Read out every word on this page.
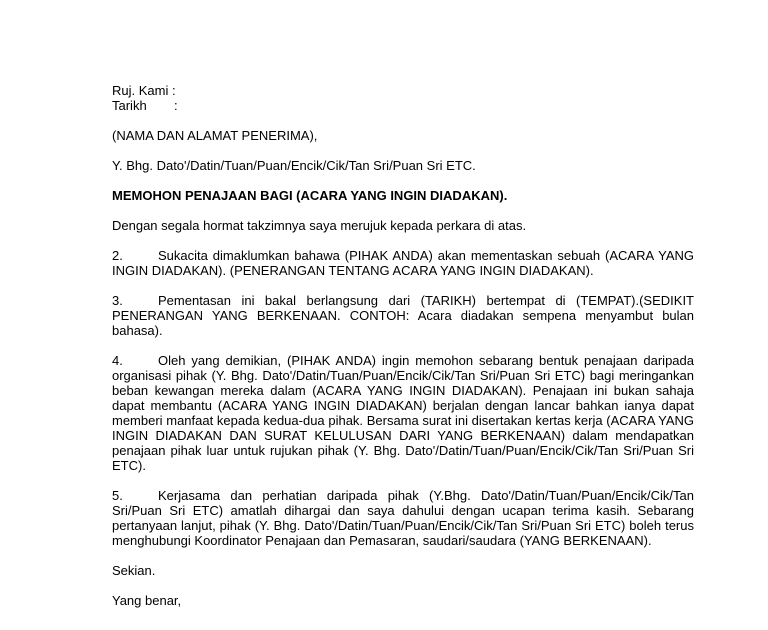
Ruj. Kami :
Tarikh	:
(NAMA DAN ALAMAT PENERIMA),
Y. Bhg. Dato'/Datin/Tuan/Puan/Encik/Cik/Tan Sri/Puan Sri ETC.
MEMOHON PENAJAAN BAGI (ACARA YANG INGIN DIADAKAN).
Dengan segala hormat takzimnya saya merujuk kepada perkara di atas.
2.	Sukacita dimaklumkan bahawa (PIHAK ANDA) akan mementaskan sebuah (ACARA YANG INGIN DIADAKAN). (PENERANGAN TENTANG ACARA YANG INGIN DIADAKAN).
3.	Pementasan ini bakal berlangsung dari (TARIKH) bertempat di (TEMPAT).(SEDIKIT PENERANGAN YANG BERKENAAN. CONTOH: Acara diadakan sempena menyambut bulan bahasa).
4.	Oleh yang demikian, (PIHAK ANDA) ingin memohon sebarang bentuk penajaan daripada organisasi pihak (Y. Bhg. Dato'/Datin/Tuan/Puan/Encik/Cik/Tan Sri/Puan Sri ETC) bagi meringankan beban kewangan mereka dalam (ACARA YANG INGIN DIADAKAN). Penajaan ini bukan sahaja dapat membantu (ACARA YANG INGIN DIADAKAN) berjalan dengan lancar bahkan ianya dapat memberi manfaat kepada kedua-dua pihak. Bersama surat ini disertakan kertas kerja (ACARA YANG INGIN DIADAKAN DAN SURAT KELULUSAN DARI YANG BERKENAAN) dalam mendapatkan penajaan pihak luar untuk rujukan pihak (Y. Bhg. Dato'/Datin/Tuan/Puan/Encik/Cik/Tan Sri/Puan Sri ETC).
5.	Kerjasama dan perhatian daripada pihak (Y.Bhg. Dato'/Datin/Tuan/Puan/Encik/Cik/Tan Sri/Puan Sri ETC) amatlah dihargai dan saya dahului dengan ucapan terima kasih. Sebarang pertanyaan lanjut, pihak (Y. Bhg. Dato'/Datin/Tuan/Puan/Encik/Cik/Tan Sri/Puan Sri ETC) boleh terus menghubungi Koordinator Penajaan dan Pemasaran, saudari/saudara (YANG BERKENAAN).
Sekian.
Yang benar,
